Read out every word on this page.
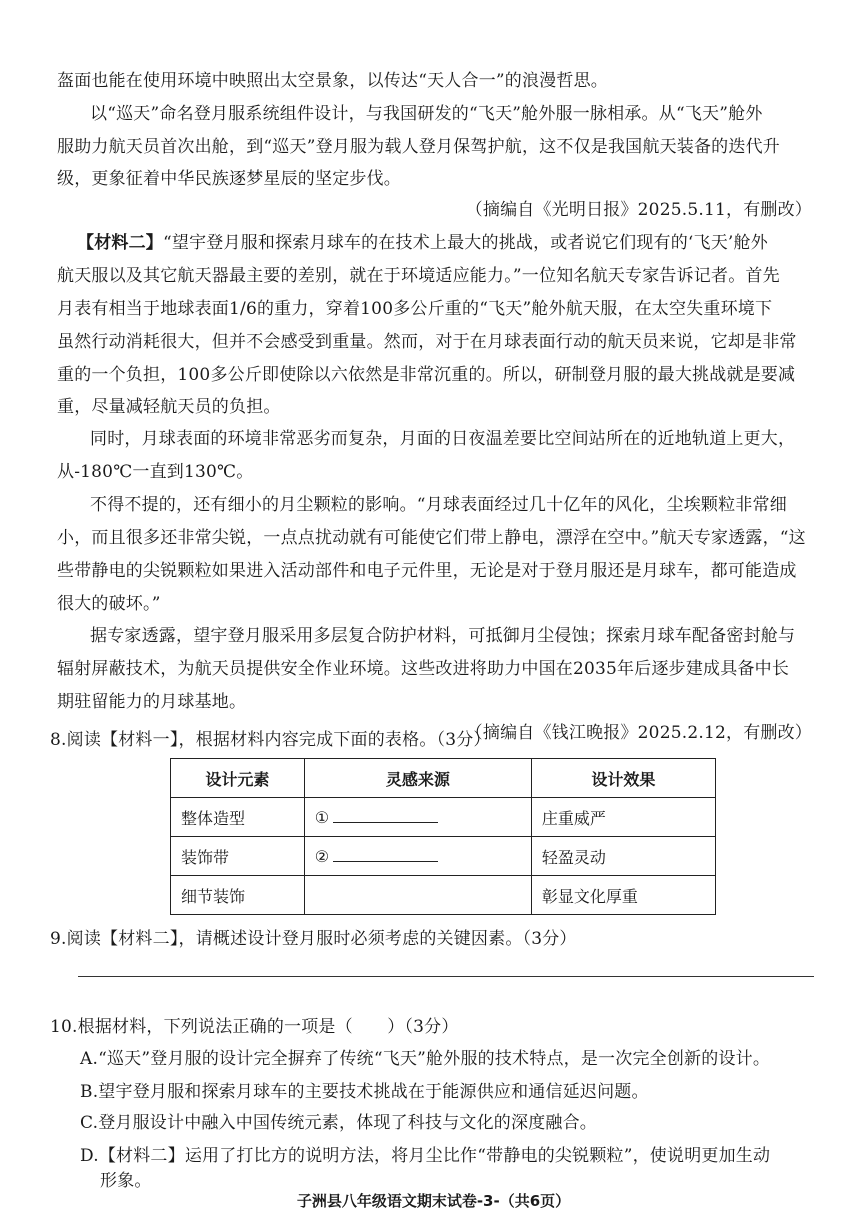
盔面也能在使用环境中映照出太空景象，以传达“天人合一”的浪漫哲思。
以“巡天”命名登月服系统组件设计，与我国研发的“飞天”舱外服一脉相承。从“飞天”舱外
服助力航天员首次出舱，到“巡天”登月服为载人登月保驾护航，这不仅是我国航天装备的迭代升
级，更象征着中华民族逐梦星辰的坚定步伐。
（摘编自《光明日报》2025.5.11，有删改）
【材料二】“望宇登月服和探索月球车的在技术上最大的挑战，或者说它们现有的‘飞天’舱外
航天服以及其它航天器最主要的差别，就在于环境适应能力。”一位知名航天专家告诉记者。首先
月表有相当于地球表面1/6的重力，穿着100多公斤重的“飞天”舱外航天服，在太空失重环境下
虽然行动消耗很大，但并不会感受到重量。然而，对于在月球表面行动的航天员来说，它却是非常
重的一个负担，100多公斤即使除以六依然是非常沉重的。所以，研制登月服的最大挑战就是要减
重，尽量减轻航天员的负担。
同时，月球表面的环境非常恶劣而复杂，月面的日夜温差要比空间站所在的近地轨道上更大，
从-180℃一直到130℃。
不得不提的，还有细小的月尘颗粒的影响。“月球表面经过几十亿年的风化，尘埃颗粒非常细
小，而且很多还非常尖锐，一点点扰动就有可能使它们带上静电，漂浮在空中。”航天专家透露，“这
些带静电的尖锐颗粒如果进入活动部件和电子元件里，无论是对于登月服还是月球车，都可能造成
很大的破坏。”
据专家透露，望宇登月服采用多层复合防护材料，可抵御月尘侵蚀；探索月球车配备密封舱与
辐射屏蔽技术，为航天员提供安全作业环境。这些改进将助力中国在2035年后逐步建成具备中长
期驻留能力的月球基地。
（摘编自《钱江晚报》2025.2.12，有删改）
8.阅读【材料一】，根据材料内容完成下面的表格。（3分）
设计元素	灵感来源	设计效果
整体造型	①	庄重威严
装饰带	②	轻盈灵动
细节装饰		彰显文化厚重
9.阅读【材料二】，请概述设计登月服时必须考虑的关键因素。（3分）
10.根据材料，下列说法正确的一项是（　　）（3分）
A.“巡天”登月服的设计完全摒弃了传统“飞天”舱外服的技术特点，是一次完全创新的设计。
B.望宇登月服和探索月球车的主要技术挑战在于能源供应和通信延迟问题。
C.登月服设计中融入中国传统元素，体现了科技与文化的深度融合。
D.【材料二】运用了打比方的说明方法，将月尘比作“带静电的尖锐颗粒”，使说明更加生动
形象。
子洲县八年级语文期末试卷-3-（共6页）
